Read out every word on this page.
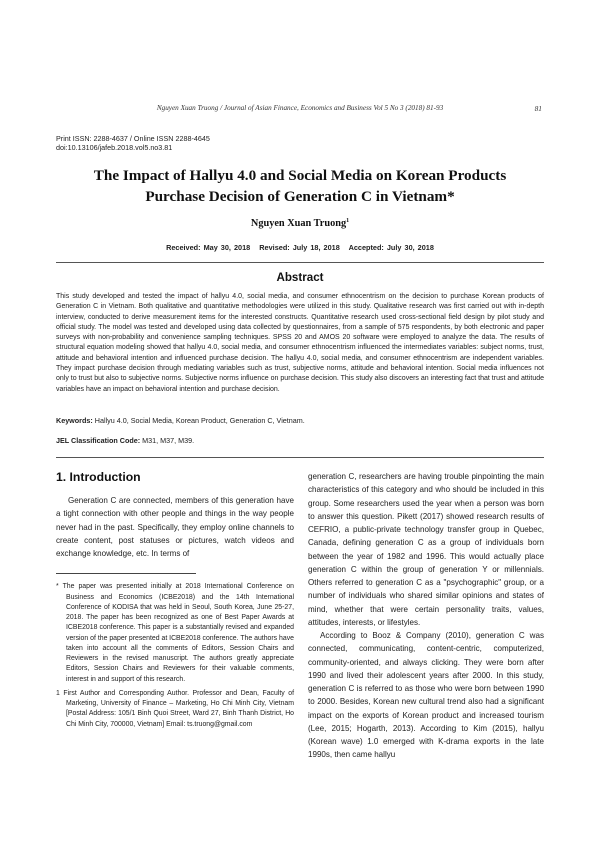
Nguyen Xuan Truong / Journal of Asian Finance, Economics and Business Vol 5 No 3 (2018) 81-93	81
Print ISSN: 2288-4637 / Online ISSN 2288-4645
doi:10.13106/jafeb.2018.vol5.no3.81
The Impact of Hallyu 4.0 and Social Media on Korean Products
Purchase Decision of Generation C in Vietnam*
Nguyen Xuan Truong$^1$
Received: May 30, 2018   Revised: July 18, 2018   Accepted: July 30, 2018
Abstract
This study developed and tested the impact of hallyu 4.0, social media, and consumer ethnocentrism on the decision to purchase Korean products of Generation C in Vietnam. Both qualitative and quantitative methodologies were utilized in this study. Qualitative research was first carried out with in-depth interview, conducted to derive measurement items for the interested constructs. Quantitative research used cross-sectional field design by pilot study and official study. The model was tested and developed using data collected by questionnaires, from a sample of 575 respondents, by both electronic and paper surveys with non-probability and convenience sampling techniques. SPSS 20 and AMOS 20 software were employed to analyze the data. The results of structural equation modeling showed that hallyu 4.0, social media, and consumer ethnocentrism influenced the intermediates variables: subject norms, trust, attitude and behavioral intention and influenced purchase decision. The hallyu 4.0, social media, and consumer ethnocentrism are independent variables. They impact purchase decision through mediating variables such as trust, subjective norms, attitude and behavioral intention. Social media influences not only to trust but also to subjective norms. Subjective norms influence on purchase decision. This study also discovers an interesting fact that trust and attitude variables have an impact on behavioral intention and purchase decision.
Keywords: Hallyu 4.0, Social Media, Korean Product, Generation C, Vietnam.
JEL Classification Code: M31, M37, M39.
1. Introduction

Generation C are connected, members of this generation have a tight connection with other people and things in the way people never had in the past. Specifically, they employ online channels to create content, post statuses or pictures, watch videos and exchange knowledge, etc. In terms of

* The paper was presented initially at 2018 International Conference on Business and Economics (ICBE2018) and the 14th International Conference of KODISA that was held in Seoul, South Korea, June 25-27, 2018. The paper has been recognized as one of Best Paper Awards at ICBE2018 conference. This paper is a substantially revised and expanded version of the paper presented at ICBE2018 conference. The authors have taken into account all the comments of Editors, Session Chairs and Reviewers in the revised manuscript. The authors greatly appreciate Editors, Session Chairs and Reviewers for their valuable comments, interest in and support of this research.

1 First Author and Corresponding Author. Professor and Dean, Faculty of Marketing, University of Finance – Marketing, Ho Chi Minh City, Vietnam [Postal Address: 105/1 Binh Quoi Street, Ward 27, Binh Thanh District, Ho Chi Minh City, 700000, Vietnam] Email: ts.truong@gmail.com

generation C, researchers are having trouble pinpointing the main characteristics of this category and who should be included in this group. Some researchers used the year when a person was born to answer this question. Pikett (2017) showed research results of CEFRIO, a public-private technology transfer group in Quebec, Canada, defining generation C as a group of individuals born between the year of 1982 and 1996. This would actually place generation C within the group of generation Y or millennials. Others referred to generation C as a "psychographic" group, or a number of individuals who shared similar opinions and states of mind, whether that were certain personality traits, values, attitudes, interests, or lifestyles.

According to Booz & Company (2010), generation C was connected, communicating, content-centric, computerized, community-oriented, and always clicking. They were born after 1990 and lived their adolescent years after 2000. In this study, generation C is referred to as those who were born between 1990 to 2000. Besides, Korean new cultural trend also had a significant impact on the exports of Korean product and increased tourism (Lee, 2015; Hogarth, 2013). According to Kim (2015), hallyu (Korean wave) 1.0 emerged with K-drama exports in the late 1990s, then came hallyu
